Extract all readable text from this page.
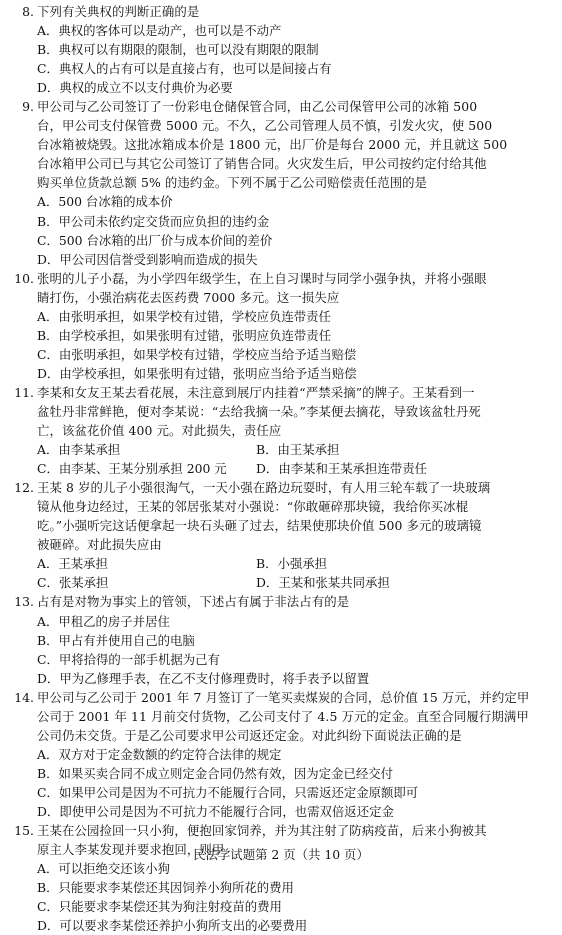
8. 下列有关典权的判断正确的是
A．典权的客体可以是动产，也可以是不动产
B．典权可以有期限的限制，也可以没有期限的限制
C．典权人的占有可以是直接占有，也可以是间接占有
D．典权的成立不以支付典价为必要
9. 甲公司与乙公司签订了一份彩电仓储保管合同，由乙公司保管甲公司的冰箱 500
台，甲公司支付保管费 5000 元。不久，乙公司管理人员不慎，引发火灾，使 500
台冰箱被烧毁。这批冰箱成本价是 1800 元，出厂价是每台 2000 元，并且就这 500
台冰箱甲公司已与其它公司签订了销售合同。火灾发生后，甲公司按约定付给其他
购买单位货款总额 5% 的违约金。下列不属于乙公司赔偿责任范围的是
A．500 台冰箱的成本价
B．甲公司未依约定交货而应负担的违约金
C．500 台冰箱的出厂价与成本价间的差价
D．甲公司因信誉受到影响而造成的损失
10. 张明的儿子小磊，为小学四年级学生，在上自习课时与同学小强争执，并将小强眼
睛打伤，小强治病花去医药费 7000 多元。这一损失应
A．由张明承担，如果学校有过错，学校应负连带责任
B．由学校承担，如果张明有过错，张明应负连带责任
C．由张明承担，如果学校有过错，学校应当给予适当赔偿
D．由学校承担，如果张明有过错，张明应当给予适当赔偿
11. 李某和女友王某去看花展，未注意到展厅内挂着“严禁采摘”的牌子。王某看到一
盆牡丹非常鲜艳，便对李某说：“去给我摘一朵。”李某便去摘花，导致该盆牡丹死
亡，该盆花价值 400 元。对此损失，责任应
A．由李某承担	B．由王某承担
C．由李某、王某分别承担 200 元	D．由李某和王某承担连带责任
12. 王某 8 岁的儿子小强很淘气，一天小强在路边玩耍时，有人用三轮车载了一块玻璃
镜从他身边经过，王某的邻居张某对小强说：“你敢砸碎那块镜，我给你买冰棍
吃。”小强听完这话便拿起一块石头砸了过去，结果使那块价值 500 多元的玻璃镜
被砸碎。对此损失应由
A．王某承担	B．小强承担
C．张某承担	D．王某和张某共同承担
13. 占有是对物为事实上的管领，下述占有属于非法占有的是
A．甲租乙的房子并居住
B．甲占有并使用自己的电脑
C．甲将拾得的一部手机据为己有
D．甲为乙修理手表，在乙不支付修理费时，将手表予以留置
14. 甲公司与乙公司于 2001 年 7 月签订了一笔买卖煤炭的合同，总价值 15 万元，并约定甲
公司于 2001 年 11 月前交付货物，乙公司支付了 4.5 万元的定金。直至合同履行期满甲
公司仍未交货。于是乙公司要求甲公司返还定金。对此纠纷下面说法正确的是
A．双方对于定金数额的约定符合法律的规定
B．如果买卖合同不成立则定金合同仍然有效，因为定金已经交付
C．如果甲公司是因为不可抗力不能履行合同，只需返还定金原额即可
D．即使甲公司是因为不可抗力不能履行合同，也需双倍返还定金
15. 王某在公园捡回一只小狗，便抱回家饲养，并为其注射了防病疫苗，后来小狗被其
原主人李某发现并要求抱回，则甲
A．可以拒绝交还该小狗
B．只能要求李某偿还其因饲养小狗所花的费用
C．只能要求李某偿还其为狗注射疫苗的费用
D．可以要求李某偿还养护小狗所支出的必要费用
民法学试题第 2 页（共 10 页）
